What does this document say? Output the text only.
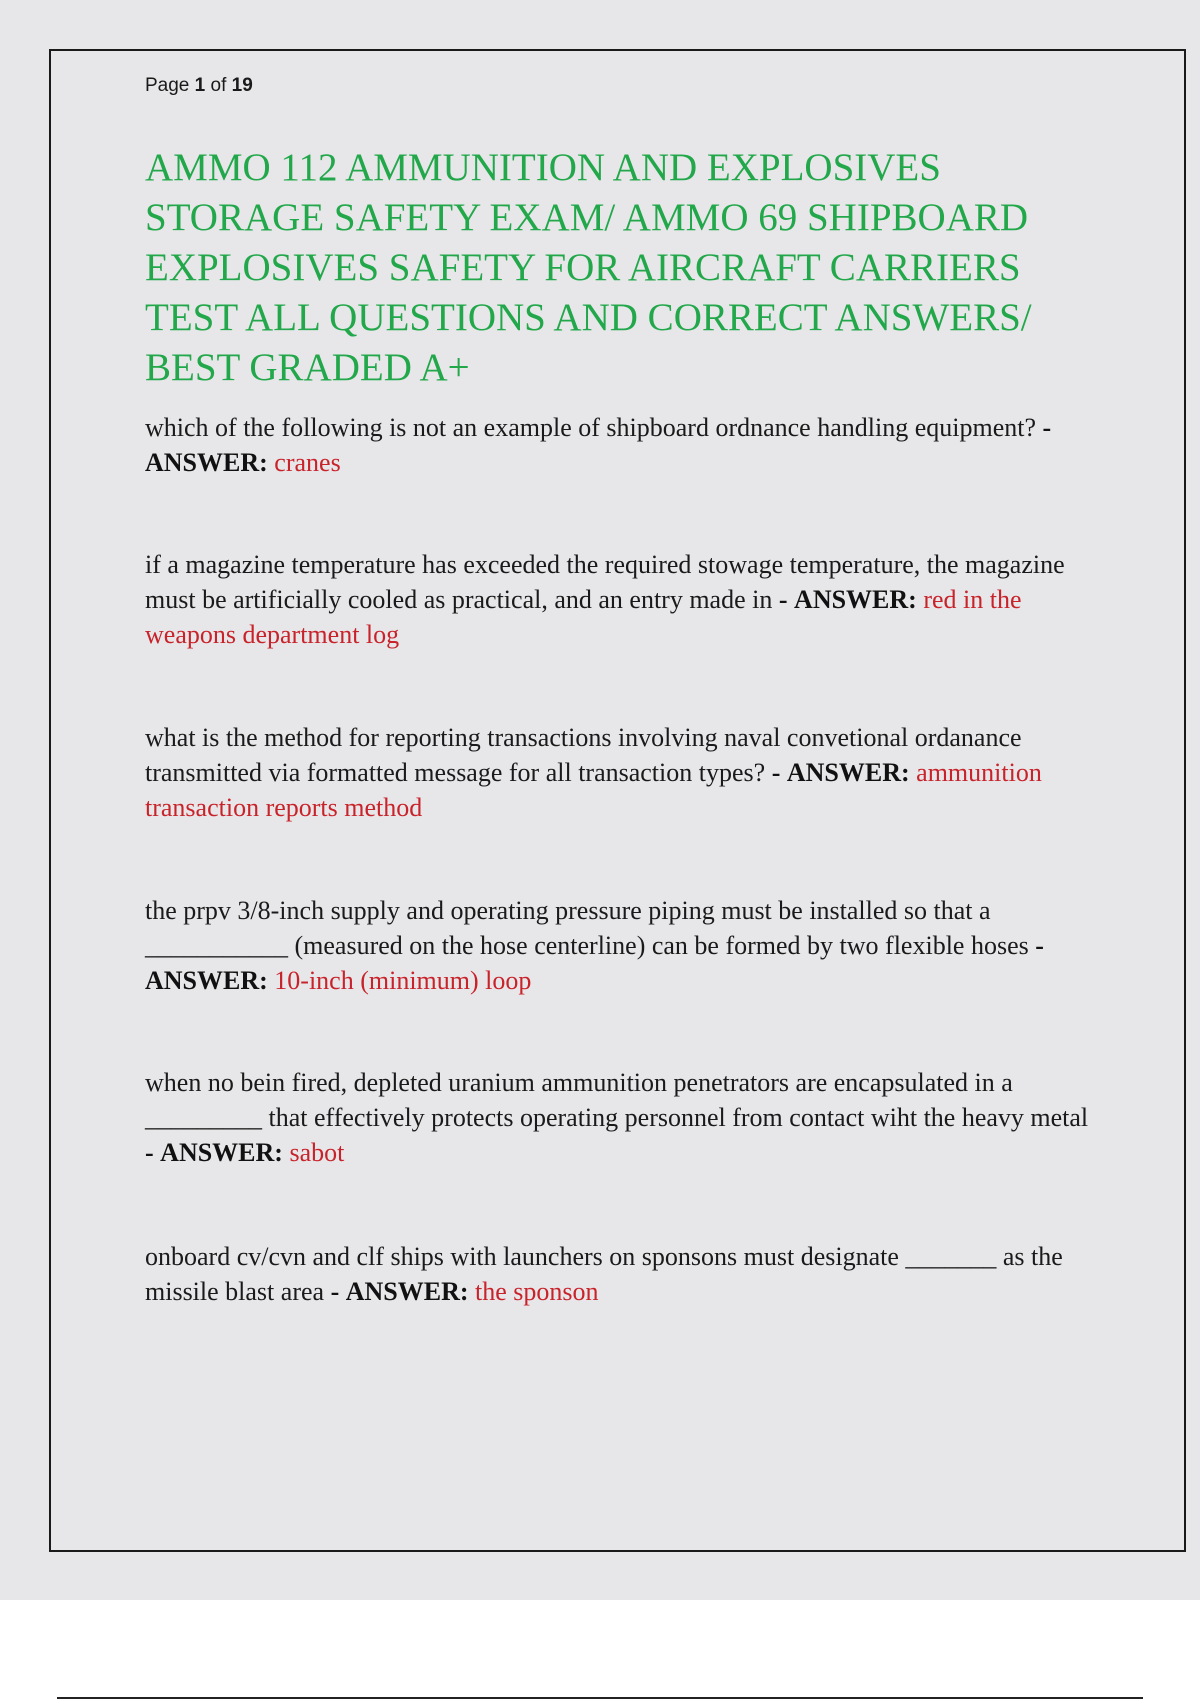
Page 1 of 19
AMMO 112 AMMUNITION AND EXPLOSIVES STORAGE SAFETY EXAM/ AMMO 69 SHIPBOARD EXPLOSIVES SAFETY FOR AIRCRAFT CARRIERS TEST ALL QUESTIONS AND CORRECT ANSWERS/ BEST GRADED A+

which of the following is not an example of shipboard ordnance handling equipment? - ANSWER: cranes

if a magazine temperature has exceeded the required stowage temperature, the magazine must be artificially cooled as practical, and an entry made in - ANSWER: red in the weapons department log

what is the method for reporting transactions involving naval convetional ordanance transmitted via formatted message for all transaction types? - ANSWER: ammunition transaction reports method

the prpv 3/8-inch supply and operating pressure piping must be installed so that a ___________ (measured on the hose centerline) can be formed by two flexible hoses - ANSWER: 10-inch (minimum) loop

when no bein fired, depleted uranium ammunition penetrators are encapsulated in a _________ that effectively protects operating personnel from contact wiht the heavy metal - ANSWER: sabot

onboard cv/cvn and clf ships with launchers on sponsons must designate _______ as the missile blast area - ANSWER: the sponson
